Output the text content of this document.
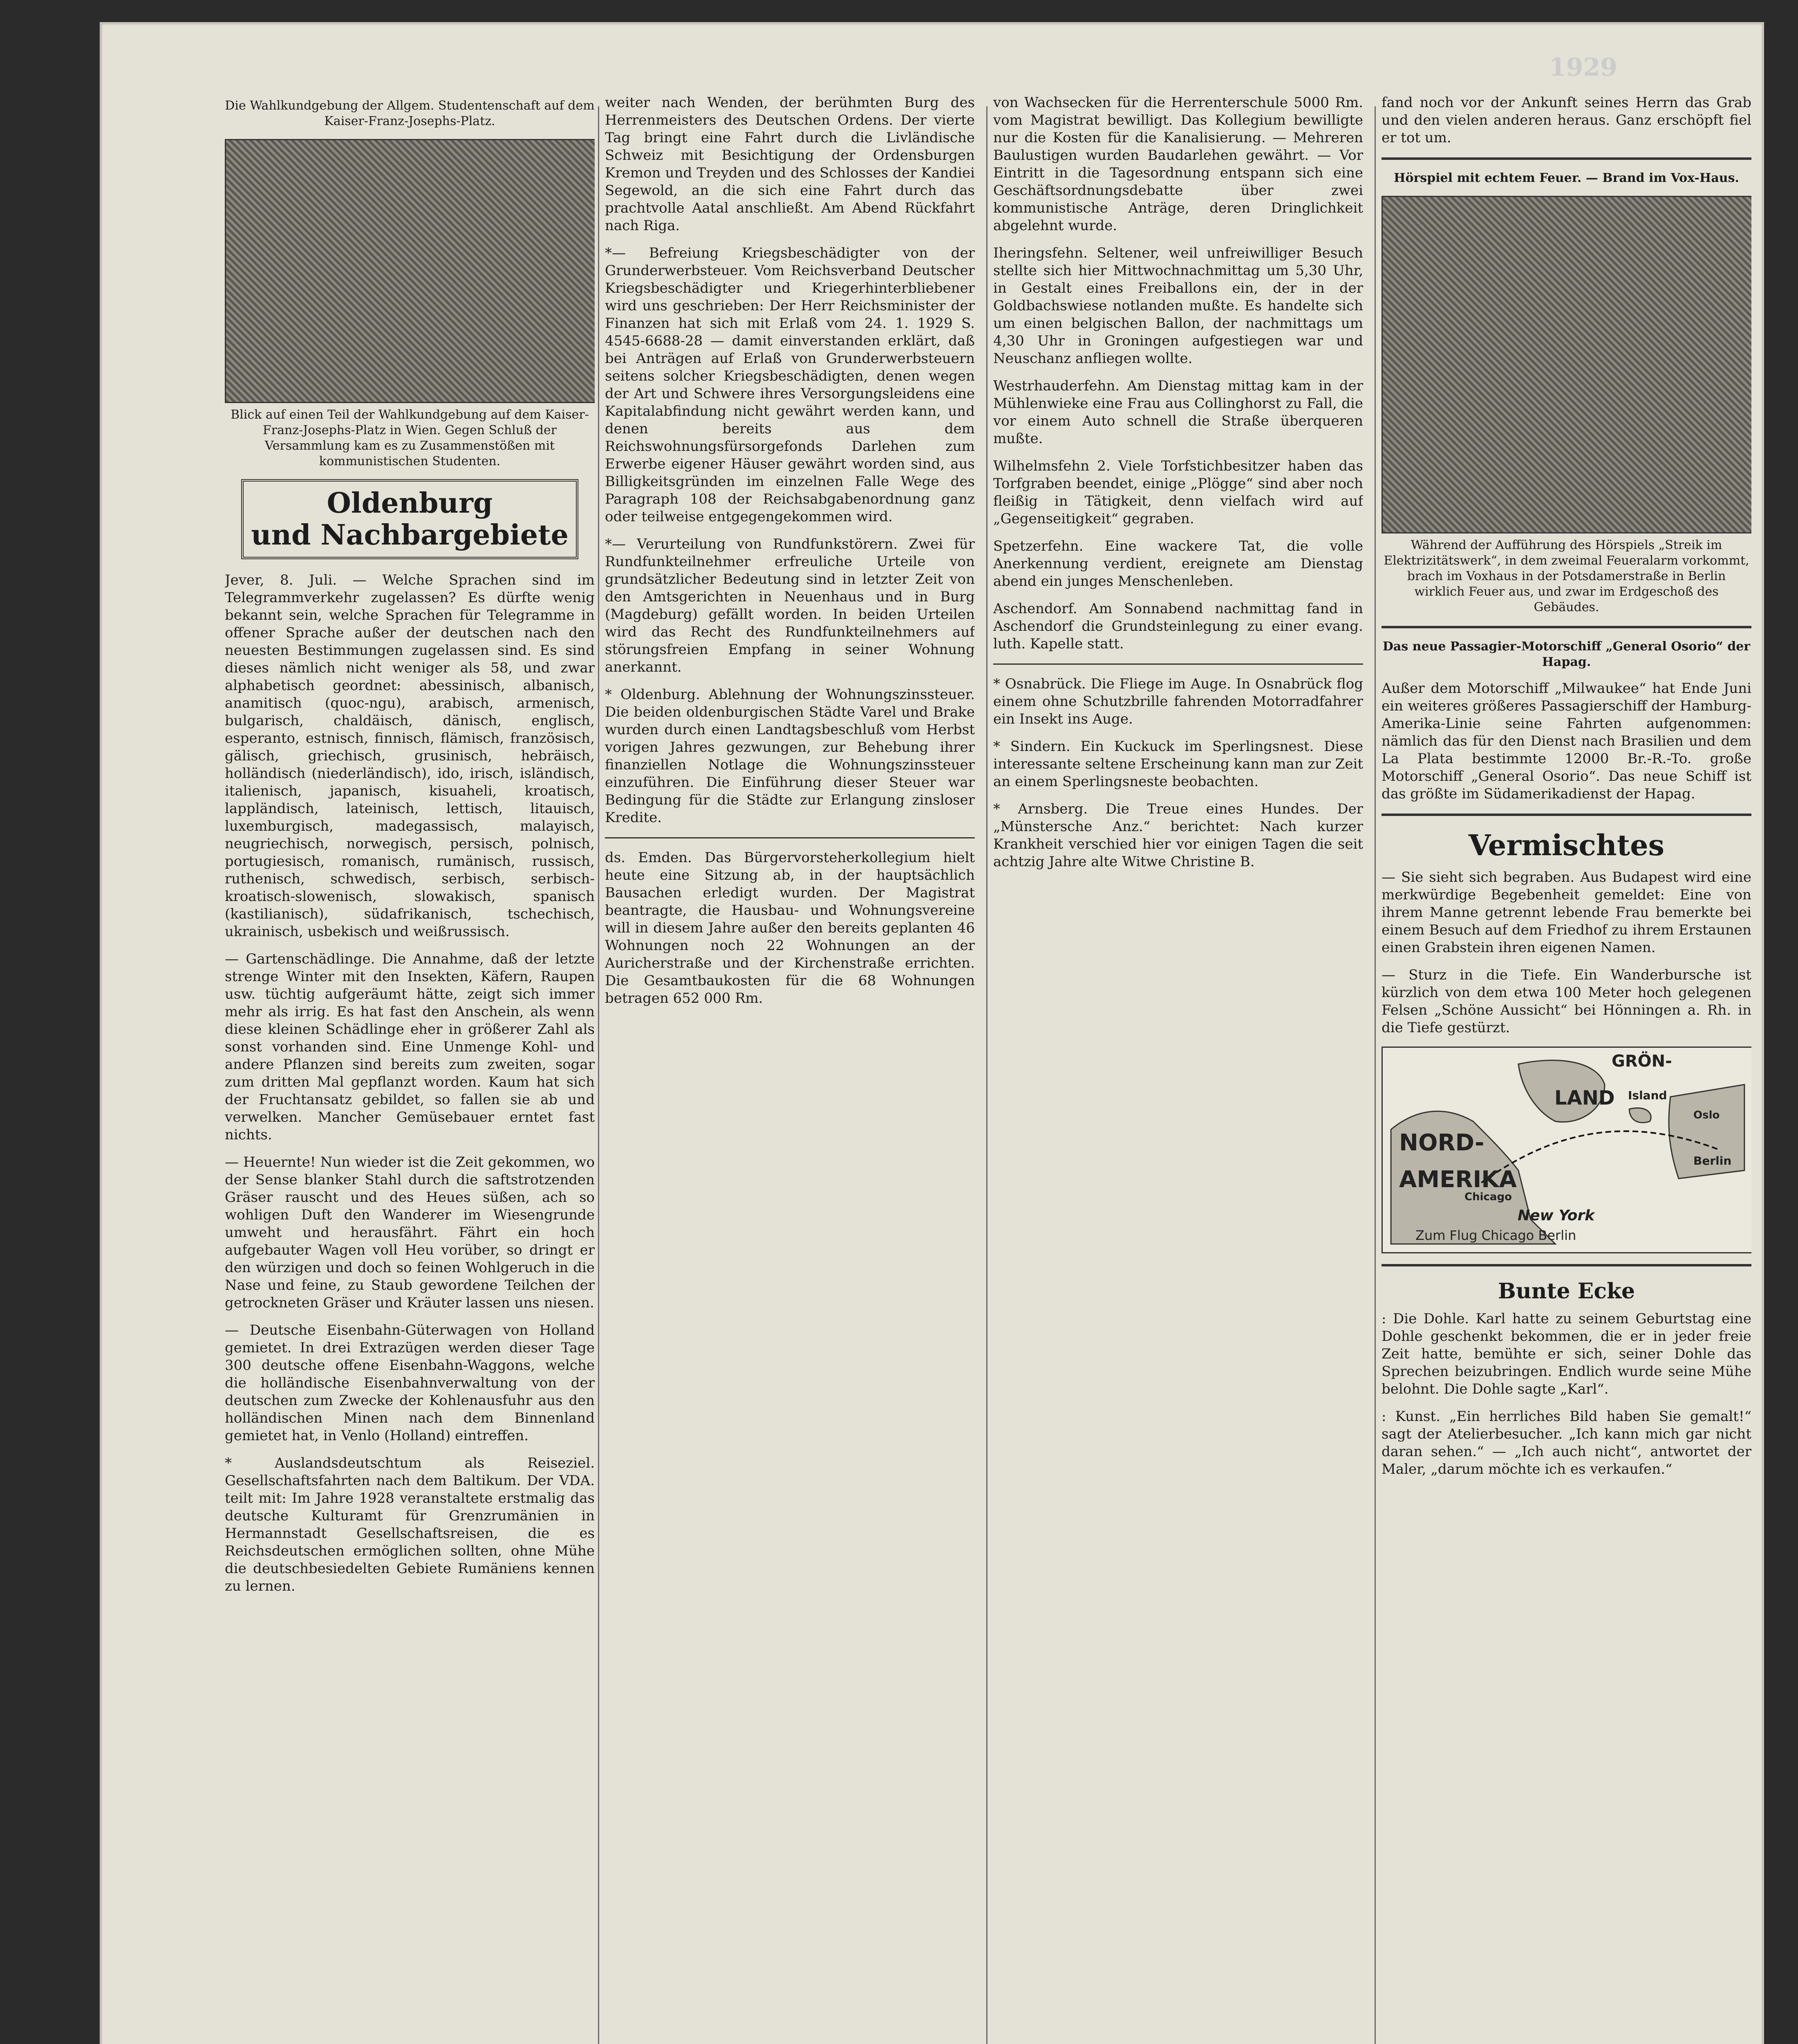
Die Wahlkundgebung der Allgem. Studentenschaft auf dem Kaiser-Franz-Josephs-Platz.
Blick auf einen Teil der Wahlkundgebung auf dem Kaiser-Franz-Josephs-Platz in Wien. Gegen Schluß der Versammlung kam es zu Zusammenstößen mit kommunistischen Studenten.
Oldenburg
und Nachbargebiete

Jever, 8. Juli. — Welche Sprachen sind im Telegrammverkehr zugelassen? Es dürfte wenig bekannt sein, welche Sprachen für Telegramme in offener Sprache außer der deutschen nach den neuesten Bestimmungen zugelassen sind. Es sind dieses nämlich nicht weniger als 58, und zwar alphabetisch geordnet: abessinisch, albanisch, anamitisch (quoc-ngu), arabisch, armenisch, bulgarisch, chaldäisch, dänisch, englisch, esperanto, estnisch, finnisch, flämisch, französisch, gälisch, griechisch, grusinisch, hebräisch, holländisch (niederländisch), ido, irisch, isländisch, italienisch, japanisch, kisuaheli, kroatisch, lappländisch, lateinisch, lettisch, litauisch, luxemburgisch, madegassisch, malayisch, neugriechisch, norwegisch, persisch, polnisch, portugiesisch, romanisch, rumänisch, russisch, ruthenisch, schwedisch, serbisch, serbisch-kroatisch-slowenisch, slowakisch, spanisch (kastilianisch), südafrikanisch, tschechisch, ukrainisch, usbekisch und weißrussisch.

— Gartenschädlinge. Die Annahme, daß der letzte strenge Winter mit den Insekten, Käfern, Raupen usw. tüchtig aufgeräumt hätte, zeigt sich immer mehr als irrig. Es hat fast den Anschein, als wenn diese kleinen Schädlinge eher in größerer Zahl als sonst vorhanden sind. Eine Unmenge Kohl- und andere Pflanzen sind bereits zum zweiten, sogar zum dritten Mal gepflanzt worden. Kaum hat sich der Fruchtansatz gebildet, so fallen sie ab und verwelken. Mancher Gemüsebauer erntet fast nichts.

— Heuernte! Nun wieder ist die Zeit gekommen, wo der Sense blanker Stahl durch die saftstrotzenden Gräser rauscht und des Heues süßen, ach so wohligen Duft den Wanderer im Wiesengrunde umweht und herausfährt. Fährt ein hoch aufgebauter Wagen voll Heu vorüber, so dringt er den würzigen und doch so feinen Wohlgeruch in die Nase und feine, zu Staub gewordene Teilchen der getrockneten Gräser und Kräuter lassen uns niesen.

— Deutsche Eisenbahn-Güterwagen von Holland gemietet. In drei Extrazügen werden dieser Tage 300 deutsche offene Eisenbahn-Waggons, welche die holländische Eisenbahnverwaltung von der deutschen zum Zwecke der Kohlenausfuhr aus den holländischen Minen nach dem Binnenland gemietet hat, in Venlo (Holland) eintreffen.

* Auslandsdeutschtum als Reiseziel. Gesellschaftsfahrten nach dem Baltikum. Der VDA. teilt mit: Im Jahre 1928 veranstaltete erstmalig das deutsche Kulturamt für Grenzrumänien in Hermannstadt Gesellschaftsreisen, die es Reichsdeutschen ermöglichen sollten, ohne Mühe die deutschbesiedelten Gebiete Rumäniens kennen zu lernen.

weiter nach Wenden, der berühmten Burg des Herrenmeisters des Deutschen Ordens. Der vierte Tag bringt eine Fahrt durch die Livländische Schweiz mit Besichtigung der Ordensburgen Kremon und Treyden und des Schlosses der Kandiei Segewold, an die sich eine Fahrt durch das prachtvolle Aatal anschließt. Am Abend Rückfahrt nach Riga.

*— Befreiung Kriegsbeschädigter von der Grunderwerbsteuer. Vom Reichsverband Deutscher Kriegsbeschädigter und Kriegerhinterbliebener wird uns geschrieben: Der Herr Reichsminister der Finanzen hat sich mit Erlaß vom 24. 1. 1929 S. 4545-6688-28 — damit einverstanden erklärt, daß bei Anträgen auf Erlaß von Grunderwerbsteuern seitens solcher Kriegsbeschädigten, denen wegen der Art und Schwere ihres Versorgungsleidens eine Kapitalabfindung nicht gewährt werden kann, und denen bereits aus dem Reichswohnungsfürsorgefonds Darlehen zum Erwerbe eigener Häuser gewährt worden sind, aus Billigkeitsgründen im einzelnen Falle Wege des Paragraph 108 der Reichsabgabenordnung ganz oder teilweise entgegengekommen wird.

*— Verurteilung von Rundfunkstörern. Zwei für Rundfunkteilnehmer erfreuliche Urteile von grundsätzlicher Bedeutung sind in letzter Zeit von den Amtsgerichten in Neuenhaus und in Burg (Magdeburg) gefällt worden. In beiden Urteilen wird das Recht des Rundfunkteilnehmers auf störungsfreien Empfang in seiner Wohnung anerkannt.

* Oldenburg. Ablehnung der Wohnungszinssteuer. Die beiden oldenburgischen Städte Varel und Brake wurden durch einen Landtagsbeschluß vom Herbst vorigen Jahres gezwungen, zur Behebung ihrer finanziellen Notlage die Wohnungszinssteuer einzuführen. Die Einführung dieser Steuer war Bedingung für die Städte zur Erlangung zinsloser Kredite.

ds. Emden. Das Bürgervorsteherkollegium hielt heute eine Sitzung ab, in der hauptsächlich Bausachen erledigt wurden. Der Magistrat beantragte, die Hausbau- und Wohnungsvereine will in diesem Jahre außer den bereits geplanten 46 Wohnungen noch 22 Wohnungen an der Auricherstraße und der Kirchenstraße errichten. Die Gesamtbaukosten für die 68 Wohnungen betragen 652 000 Rm.

von Wachsecken für die Herrenterschule 5000 Rm. vom Magistrat bewilligt. Das Kollegium bewilligte nur die Kosten für die Kanalisierung. — Mehreren Baulustigen wurden Baudarlehen gewährt. — Vor Eintritt in die Tagesordnung entspann sich eine Geschäftsordnungsdebatte über zwei kommunistische Anträge, deren Dringlichkeit abgelehnt wurde.

Iheringsfehn. Seltener, weil unfreiwilliger Besuch stellte sich hier Mittwochnachmittag um 5,30 Uhr, in Gestalt eines Freiballons ein, der in der Goldbachswiese notlanden mußte. Es handelte sich um einen belgischen Ballon, der nachmittags um 4,30 Uhr in Groningen aufgestiegen war und Neuschanz anfliegen wollte.

Westrhauderfehn. Am Dienstag mittag kam in der Mühlenwieke eine Frau aus Collinghorst zu Fall, die vor einem Auto schnell die Straße überqueren mußte.

Wilhelmsfehn 2. Viele Torfstichbesitzer haben das Torfgraben beendet, einige „Plögge“ sind aber noch fleißig in Tätigkeit, denn vielfach wird auf „Gegenseitigkeit“ gegraben.

Spetzerfehn. Eine wackere Tat, die volle Anerkennung verdient, ereignete am Dienstag abend ein junges Menschenleben.

Aschendorf. Am Sonnabend nachmittag fand in Aschendorf die Grundsteinlegung zu einer evang. luth. Kapelle statt.

* Osnabrück. Die Fliege im Auge. In Osnabrück flog einem ohne Schutzbrille fahrenden Motorradfahrer ein Insekt ins Auge.

* Sindern. Ein Kuckuck im Sperlingsnest. Diese interessante seltene Erscheinung kann man zur Zeit an einem Sperlingsneste beobachten.

* Arnsberg. Die Treue eines Hundes. Der „Münstersche Anz.“ berichtet: Nach kurzer Krankheit verschied hier vor einigen Tagen die seit achtzig Jahre alte Witwe Christine B.

fand noch vor der Ankunft seines Herrn das Grab und den vielen anderen heraus. Ganz erschöpft fiel er tot um.

Hörspiel mit echtem Feuer. — Brand im Vox-Haus.
Während der Aufführung des Hörspiels „Streik im Elektrizitätswerk“, in dem zweimal Feueralarm vorkommt, brach im Voxhaus in der Potsdamerstraße in Berlin wirklich Feuer aus, und zwar im Erdgeschoß des Gebäudes.
Das neue Passagier-Motorschiff „General Osorio“ der Hapag.

Außer dem Motorschiff „Milwaukee“ hat Ende Juni ein weiteres größeres Passagierschiff der Hamburg-Amerika-Linie seine Fahrten aufgenommen: nämlich das für den Dienst nach Brasilien und dem La Plata bestimmte 12000 Br.-R.-To. große Motorschiff „General Osorio“. Das neue Schiff ist das größte im Südamerikadienst der Hapag.

Vermischtes

— Sie sieht sich begraben. Aus Budapest wird eine merkwürdige Begebenheit gemeldet: Eine von ihrem Manne getrennt lebende Frau bemerkte bei einem Besuch auf dem Friedhof zu ihrem Erstaunen einen Grabstein ihren eigenen Namen.

— Sturz in die Tiefe. Ein Wanderbursche ist kürzlich von dem etwa 100 Meter hoch gelegenen Felsen „Schöne Aussicht“ bei Hönningen a. Rh. in die Tiefe gestürzt.

GRÖN-
LAND Island
NORD-
AMERIKA
Chicago
New York
Oslo
Berlin
Zum Flug Chicago Berlin
Bunte Ecke

: Die Dohle. Karl hatte zu seinem Geburtstag eine Dohle geschenkt bekommen, die er in jeder freie Zeit hatte, bemühte er sich, seiner Dohle das Sprechen beizubringen. Endlich wurde seine Mühe belohnt. Die Dohle sagte „Karl“.

: Kunst. „Ein herrliches Bild haben Sie gemalt!“ sagt der Atelierbesucher. „Ich kann mich gar nicht daran sehen.“ — „Ich auch nicht“, antwortet der Maler, „darum möchte ich es verkaufen.“

1929
